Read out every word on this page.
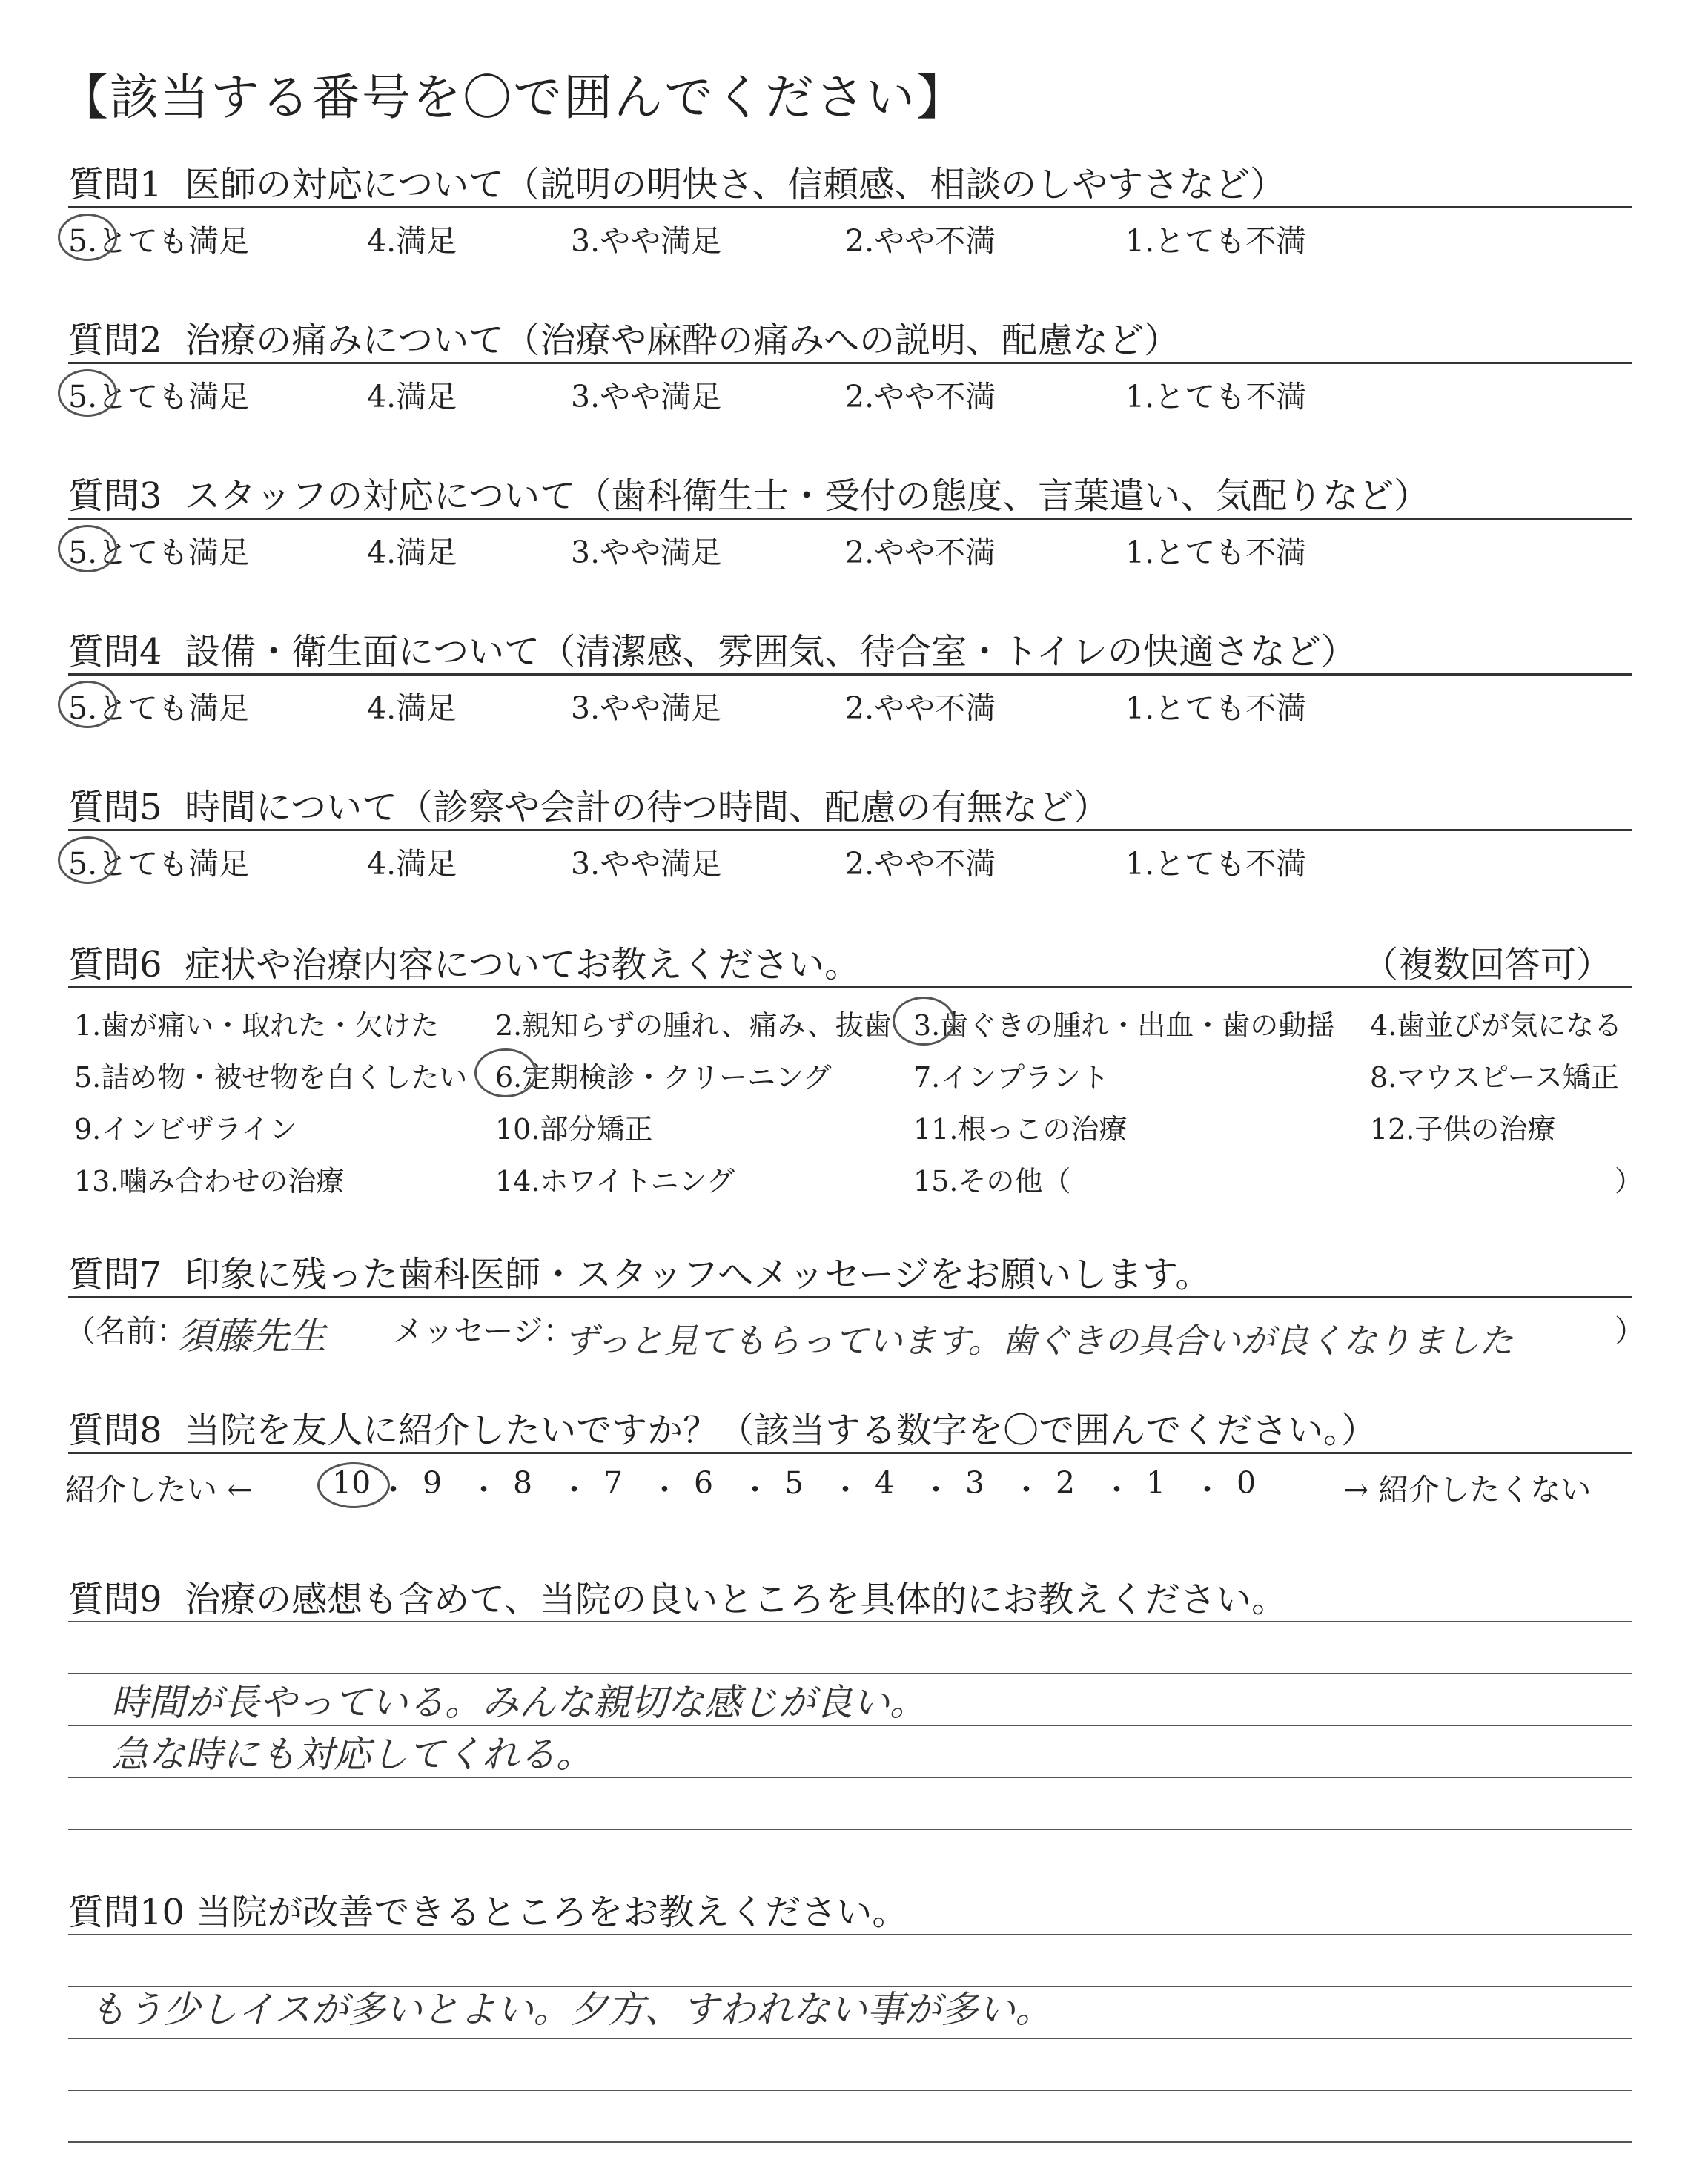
【該当する番号を〇で囲んでください】
質問1 医師の対応について（説明の明快さ、信頼感、相談のしやすさなど）
5.とても満足	4.満足	3.やや満足	2.やや不満	1.とても不満
質問2 治療の痛みについて（治療や麻酔の痛みへの説明、配慮など）
5.とても満足	4.満足	3.やや満足	2.やや不満	1.とても不満
質問3 スタッフの対応について（歯科衛生士・受付の態度、言葉遣い、気配りなど）
5.とても満足	4.満足	3.やや満足	2.やや不満	1.とても不満
質問4 設備・衛生面について（清潔感、雰囲気、待合室・トイレの快適さなど）
5.とても満足	4.満足	3.やや満足	2.やや不満	1.とても不満
質問5 時間について（診察や会計の待つ時間、配慮の有無など）
5.とても満足	4.満足	3.やや満足	2.やや不満	1.とても不満
質問6 症状や治療内容についてお教えください。	（複数回答可）
1.歯が痛い・取れた・欠けた 2.親知らずの腫れ、痛み、抜歯 3.歯ぐきの腫れ・出血・歯の動揺 4.歯並びが気になる
5.詰め物・被せ物を白くしたい 6.定期検診・クリーニング	7.インプラント	8.マウスピース矯正
9.インビザライン	10.部分矯正	11.根っこの治療	12.子供の治療
13.噛み合わせの治療	14.ホワイトニング	15.その他（	）
質問7 印象に残った歯科医師・スタッフへメッセージをお願いします。
（名前：
須藤先生 メッセージ：
ずっと見てもらっています。歯ぐきの具合いが良くなりました	）
質問8 当院を友人に紹介したいですか？（該当する数字を〇で囲んでください。）
紹介したい ←	→ 紹介したくない
10 ・ 9 ・ 8 ・ 7 ・ 6 ・ 5 ・ 4 ・ 3 ・ 2 ・ 1 ・ 0
質問9 治療の感想も含めて、当院の良いところを具体的にお教えください。
時間が長やっている。みんな親切な感じが良い。
急な時にも対応してくれる。
質問10 当院が改善できるところをお教えください。
もう少しイスが多いとよい。夕方、すわれない事が多い。
